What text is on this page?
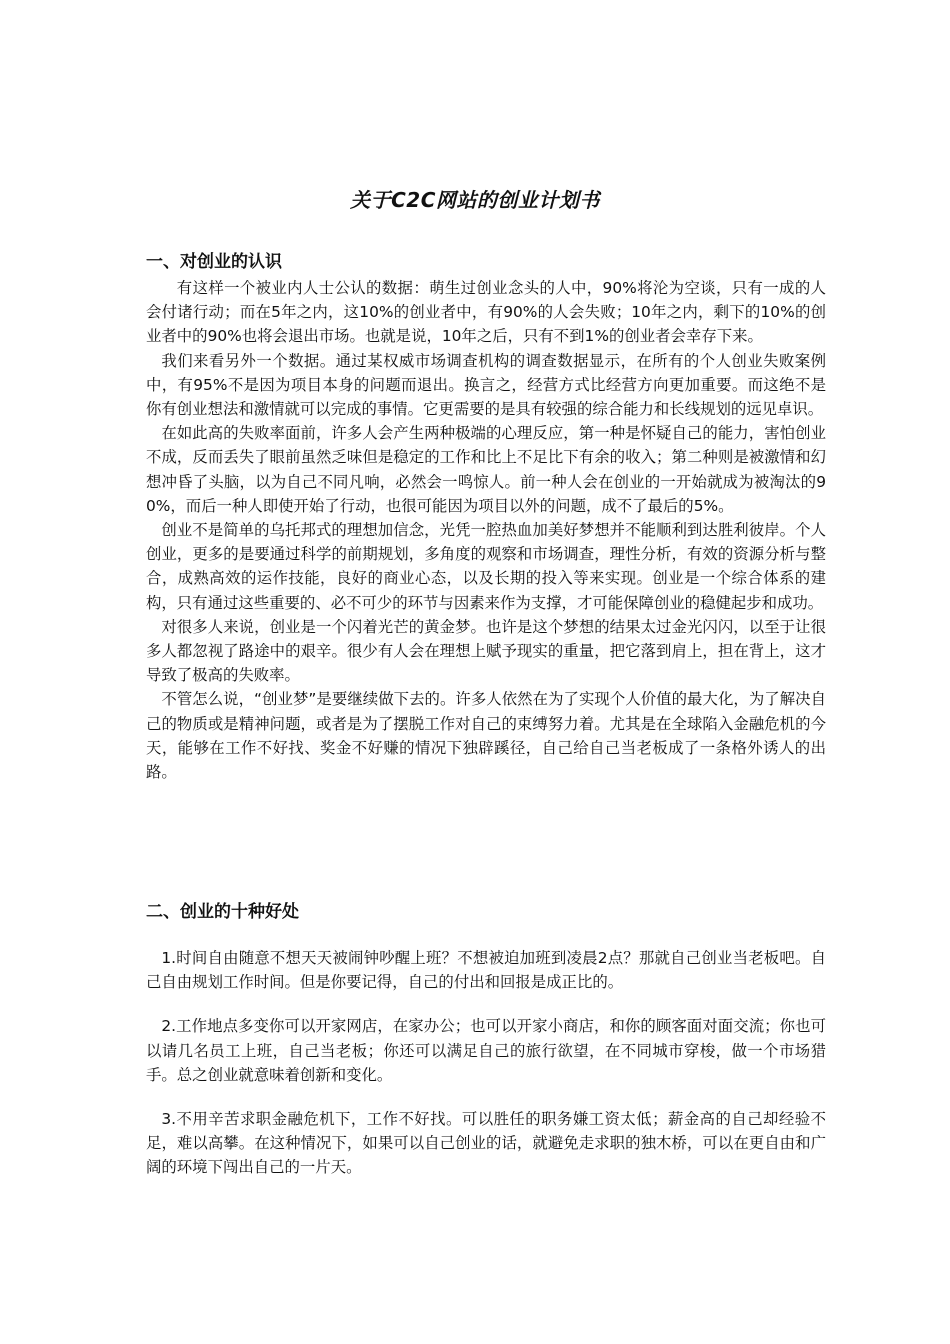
关于C2C网站的创业计划书

一、对创业的认识

有这样一个被业内人士公认的数据：萌生过创业念头的人中，90%将沦为空谈，只有一成的人会付诸行动；而在5年之内，这10%的创业者中，有90%的人会失败；10年之内，剩下的10%的创业者中的90%也将会退出市场。也就是说，10年之后，只有不到1%的创业者会幸存下来。

我们来看另外一个数据。通过某权威市场调查机构的调查数据显示，在所有的个人创业失败案例中，有95%不是因为项目本身的问题而退出。换言之，经营方式比经营方向更加重要。而这绝不是你有创业想法和激情就可以完成的事情。它更需要的是具有较强的综合能力和长线规划的远见卓识。

在如此高的失败率面前，许多人会产生两种极端的心理反应，第一种是怀疑自己的能力，害怕创业不成，反而丢失了眼前虽然乏味但是稳定的工作和比上不足比下有余的收入；第二种则是被激情和幻想冲昏了头脑，以为自己不同凡响，必然会一鸣惊人。前一种人会在创业的一开始就成为被淘汰的90%，而后一种人即使开始了行动，也很可能因为项目以外的问题，成不了最后的5%。

创业不是简单的乌托邦式的理想加信念，光凭一腔热血加美好梦想并不能顺利到达胜利彼岸。个人创业，更多的是要通过科学的前期规划，多角度的观察和市场调查，理性分析，有效的资源分析与整合，成熟高效的运作技能，良好的商业心态，以及长期的投入等来实现。创业是一个综合体系的建构，只有通过这些重要的、必不可少的环节与因素来作为支撑，才可能保障创业的稳健起步和成功。

对很多人来说，创业是一个闪着光芒的黄金梦。也许是这个梦想的结果太过金光闪闪，以至于让很多人都忽视了路途中的艰辛。很少有人会在理想上赋予现实的重量，把它落到肩上，担在背上，这才导致了极高的失败率。

不管怎么说，“创业梦”是要继续做下去的。许多人依然在为了实现个人价值的最大化，为了解决自己的物质或是精神问题，或者是为了摆脱工作对自己的束缚努力着。尤其是在全球陷入金融危机的今天，能够在工作不好找、奖金不好赚的情况下独辟蹊径，自己给自己当老板成了一条格外诱人的出路。

二、创业的十种好处

1.时间自由随意不想天天被闹钟吵醒上班？不想被迫加班到凌晨2点？那就自己创业当老板吧。自己自由规划工作时间。但是你要记得，自己的付出和回报是成正比的。

2.工作地点多变你可以开家网店，在家办公；也可以开家小商店，和你的顾客面对面交流；你也可以请几名员工上班，自己当老板；你还可以满足自己的旅行欲望，在不同城市穿梭，做一个市场猎手。总之创业就意味着创新和变化。

3.不用辛苦求职金融危机下，工作不好找。可以胜任的职务嫌工资太低；薪金高的自己却经验不足，难以高攀。在这种情况下，如果可以自己创业的话，就避免走求职的独木桥，可以在更自由和广阔的环境下闯出自己的一片天。
